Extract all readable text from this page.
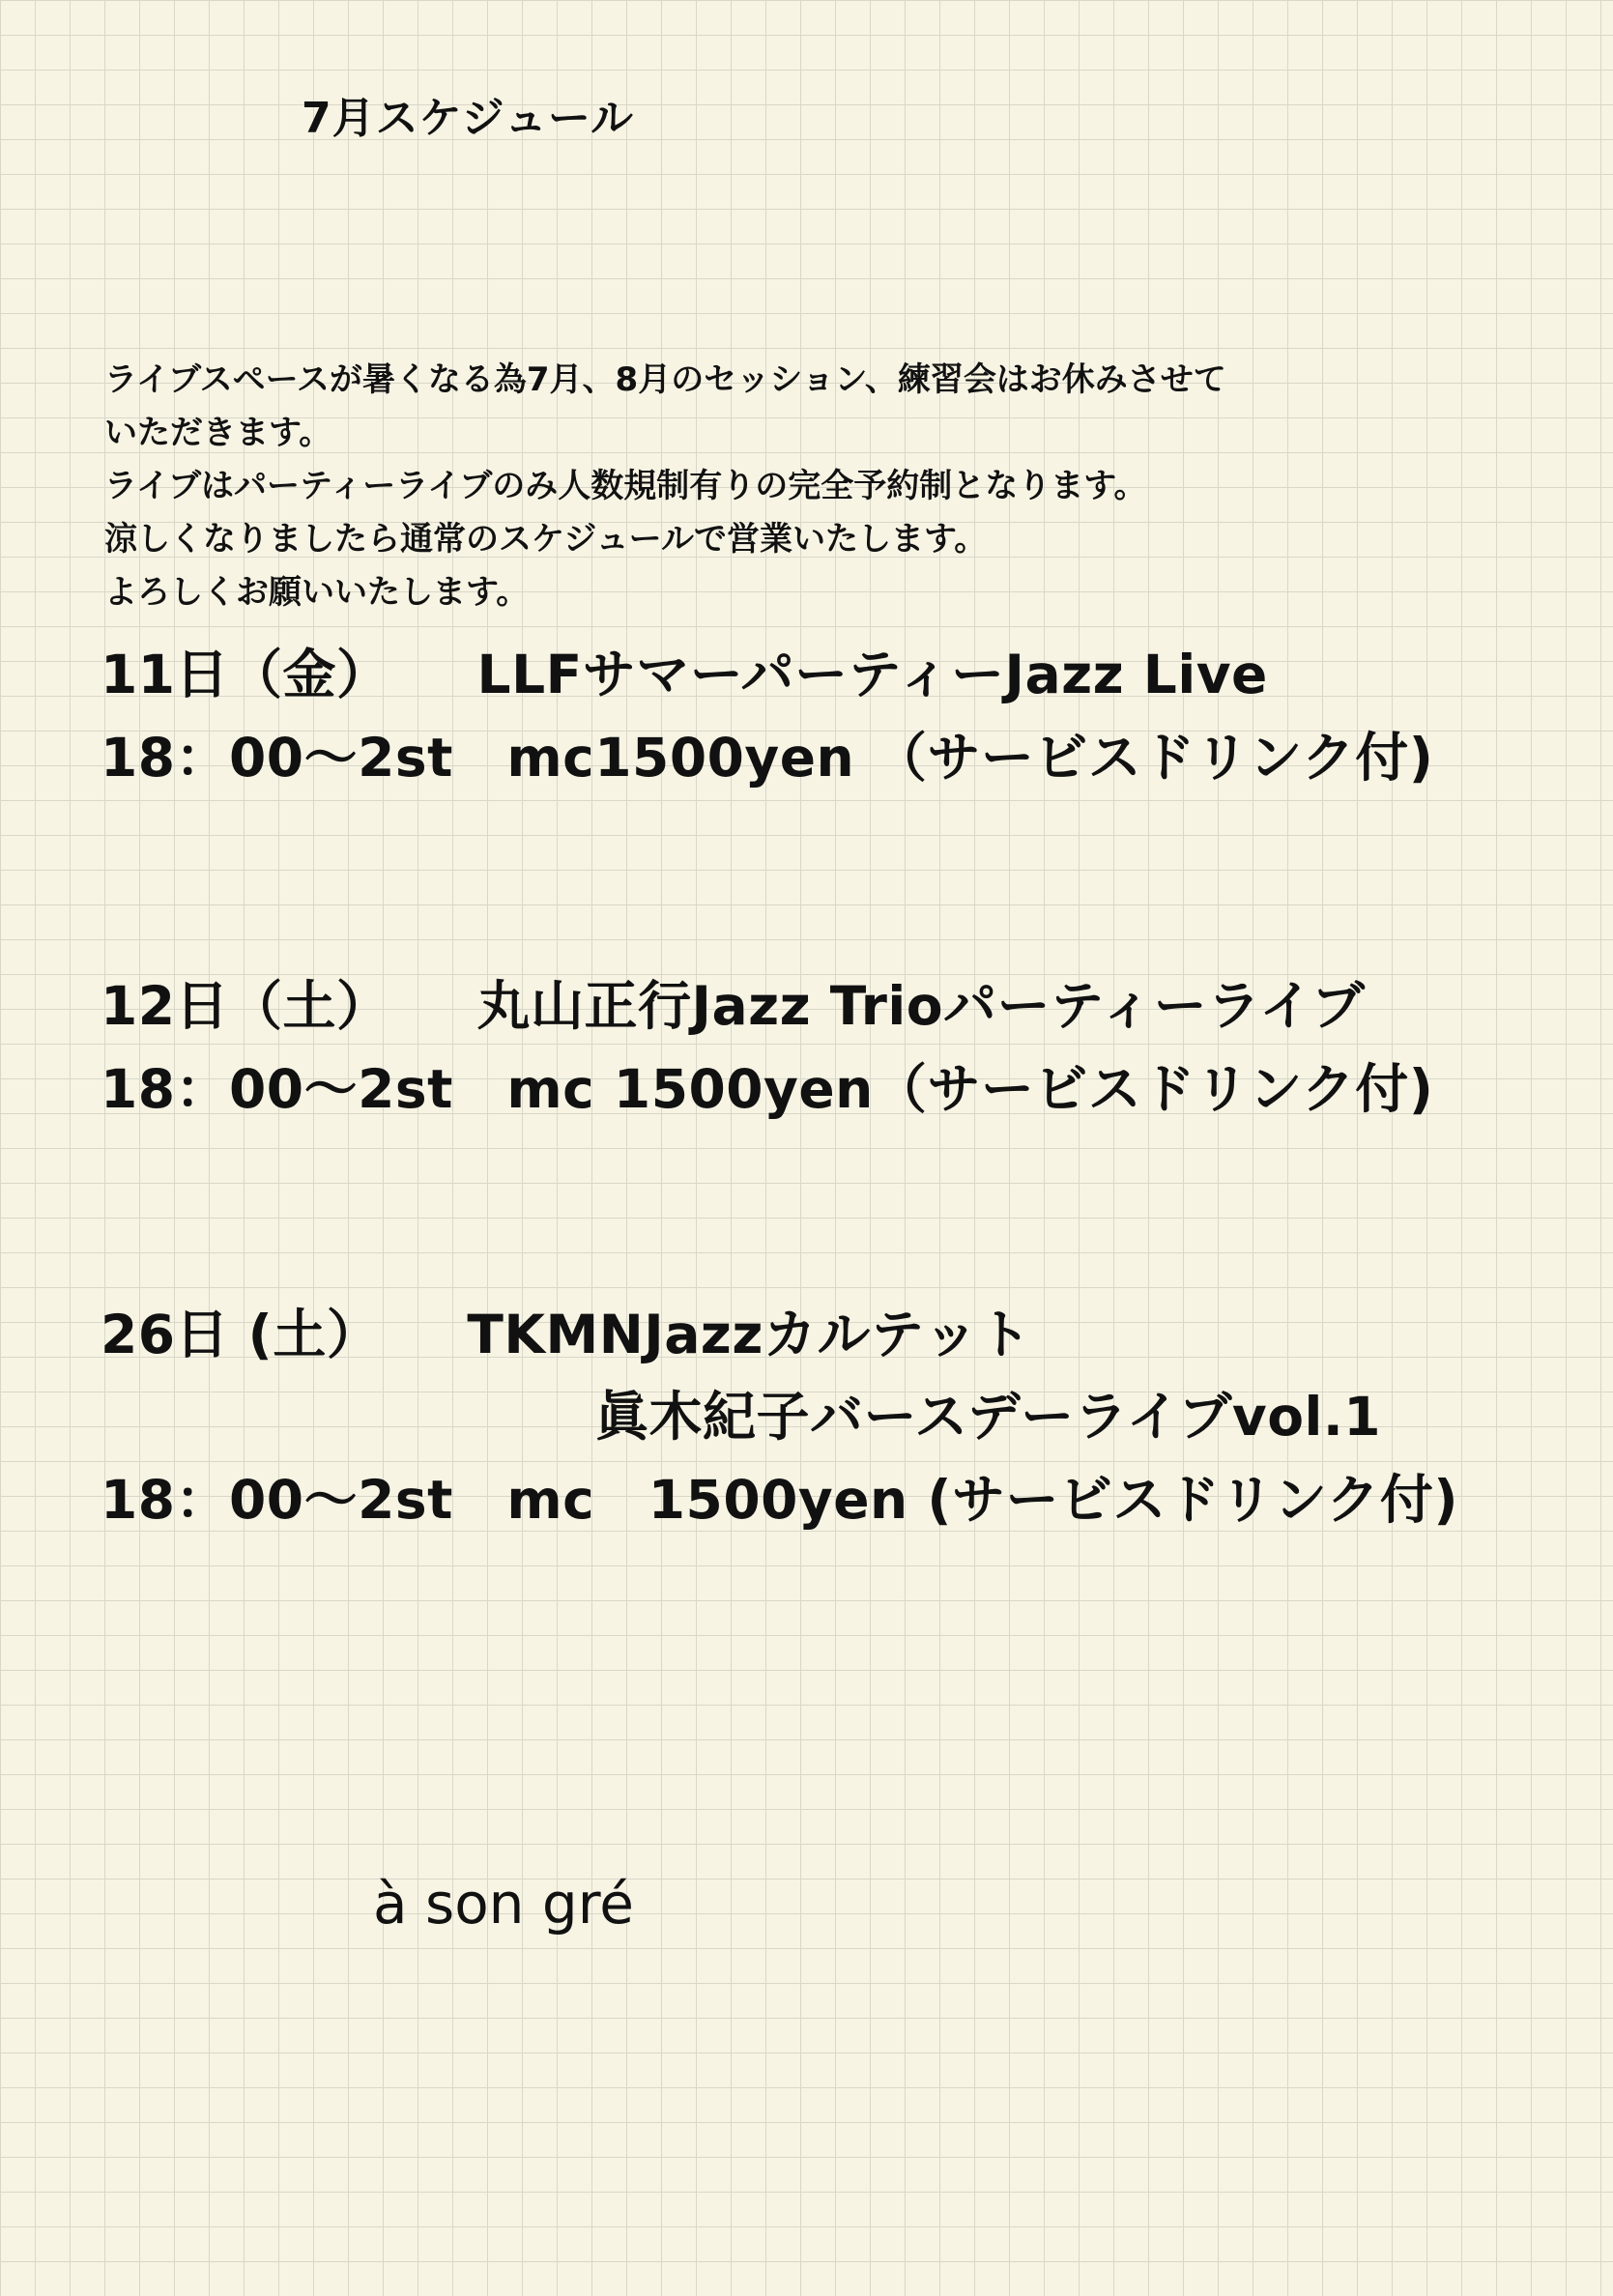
7月スケジュール
ライブスペースが暑くなる為7月、8月のセッション、練習会はお休みさせて
いただきます。
ライブはパーティーライブのみ人数規制有りの完全予約制となります。
涼しくなりましたら通常のスケジュールで営業いたします。
よろしくお願いいたします。
11日（金） LLFサマーパーティーJazz Live
18：00〜2st　mc1500yen （サービスドリンク付)
12日（土） 丸山正行Jazz Trioパーティーライブ
18：00〜2st　mc 1500yen（サービスドリンク付)
26日 (土） TKMNJazzカルテット
眞木紀子バースデーライブvol.1
18：00〜2st　mc　1500yen (サービスドリンク付)
à son gré
